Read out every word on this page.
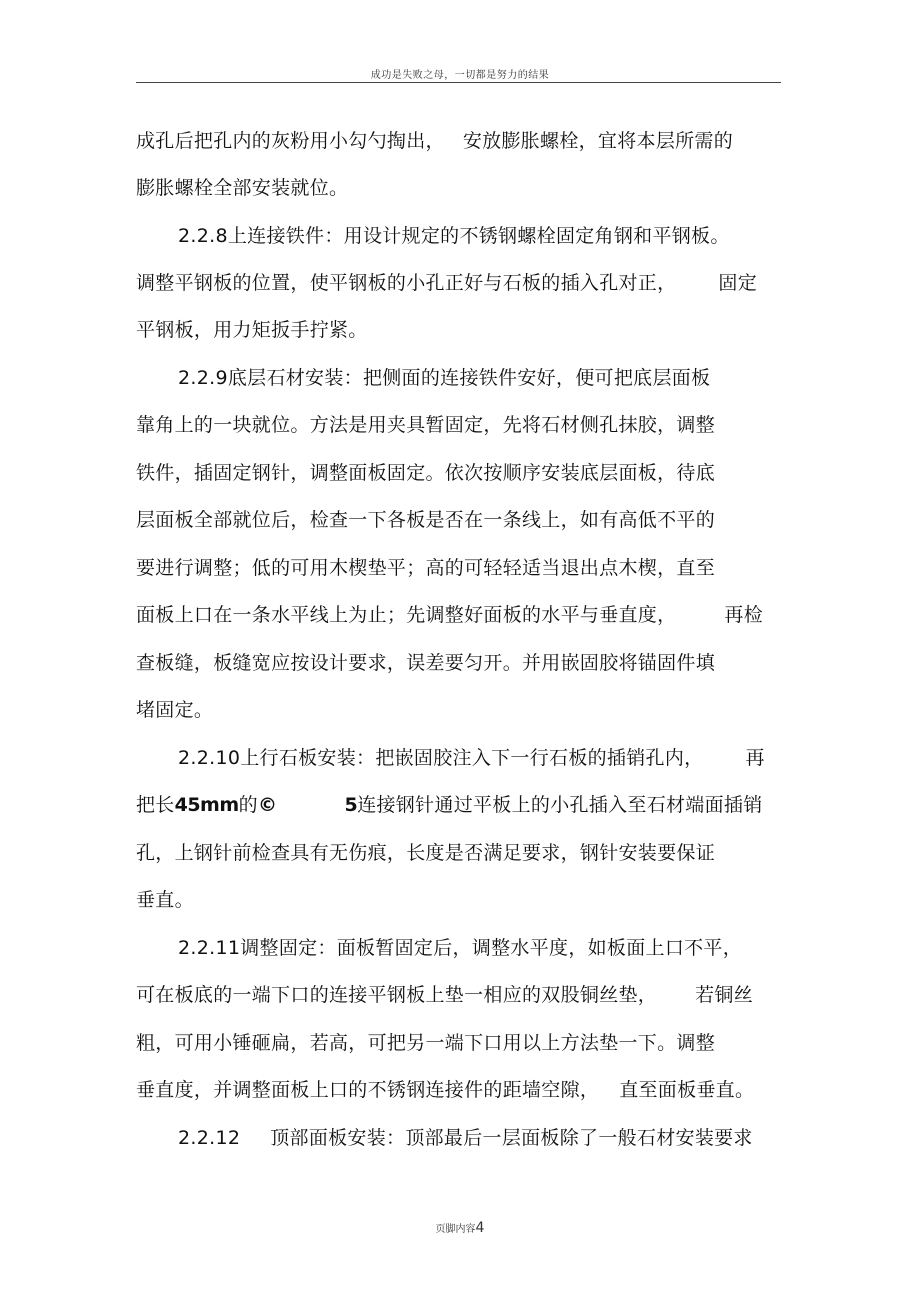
成功是失败之母，一切都是努力的结果
成孔后把孔内的灰粉用小勾勺掏出， 安放膨胀螺栓，宜将本层所需的
膨胀螺栓全部安装就位。
2.2.8上连接铁件：用设计规定的不锈钢螺栓固定角钢和平钢板。
调整平钢板的位置，使平钢板的小孔正好与石板的插入孔对正， 固定
平钢板，用力矩扳手拧紧。
2.2.9底层石材安装：把侧面的连接铁件安好，便可把底层面板
靠角上的一块就位。方法是用夹具暂固定，先将石材侧孔抹胶，调整
铁件，插固定钢针，调整面板固定。依次按顺序安装底层面板，待底
层面板全部就位后，检查一下各板是否在一条线上，如有高低不平的
要进行调整；低的可用木楔垫平；高的可轻轻适当退出点木楔，直至
面板上口在一条水平线上为止；先调整好面板的水平与垂直度，	再检
查板缝，板缝宽应按设计要求，误差要匀开。并用嵌固胶将锚固件填
堵固定。
2.2.10上行石板安装：把嵌固胶注入下一行石板的插销孔内， 再
把长45mm的©	5连接钢针通过平板上的小孔插入至石材端面插销
孔，上钢针前检查具有无伤痕，长度是否满足要求，钢针安装要保证
垂直。
2.2.11调整固定：面板暂固定后，调整水平度，如板面上口不平，
可在板底的一端下口的连接平钢板上垫一相应的双股铜丝垫， 若铜丝
粗，可用小锤砸扁，若高，可把另一端下口用以上方法垫一下。调整
垂直度，并调整面板上口的不锈钢连接件的距墙空隙， 直至面板垂直。
2.2.12 顶部面板安装：顶部最后一层面板除了一般石材安装要求
页脚内容4
